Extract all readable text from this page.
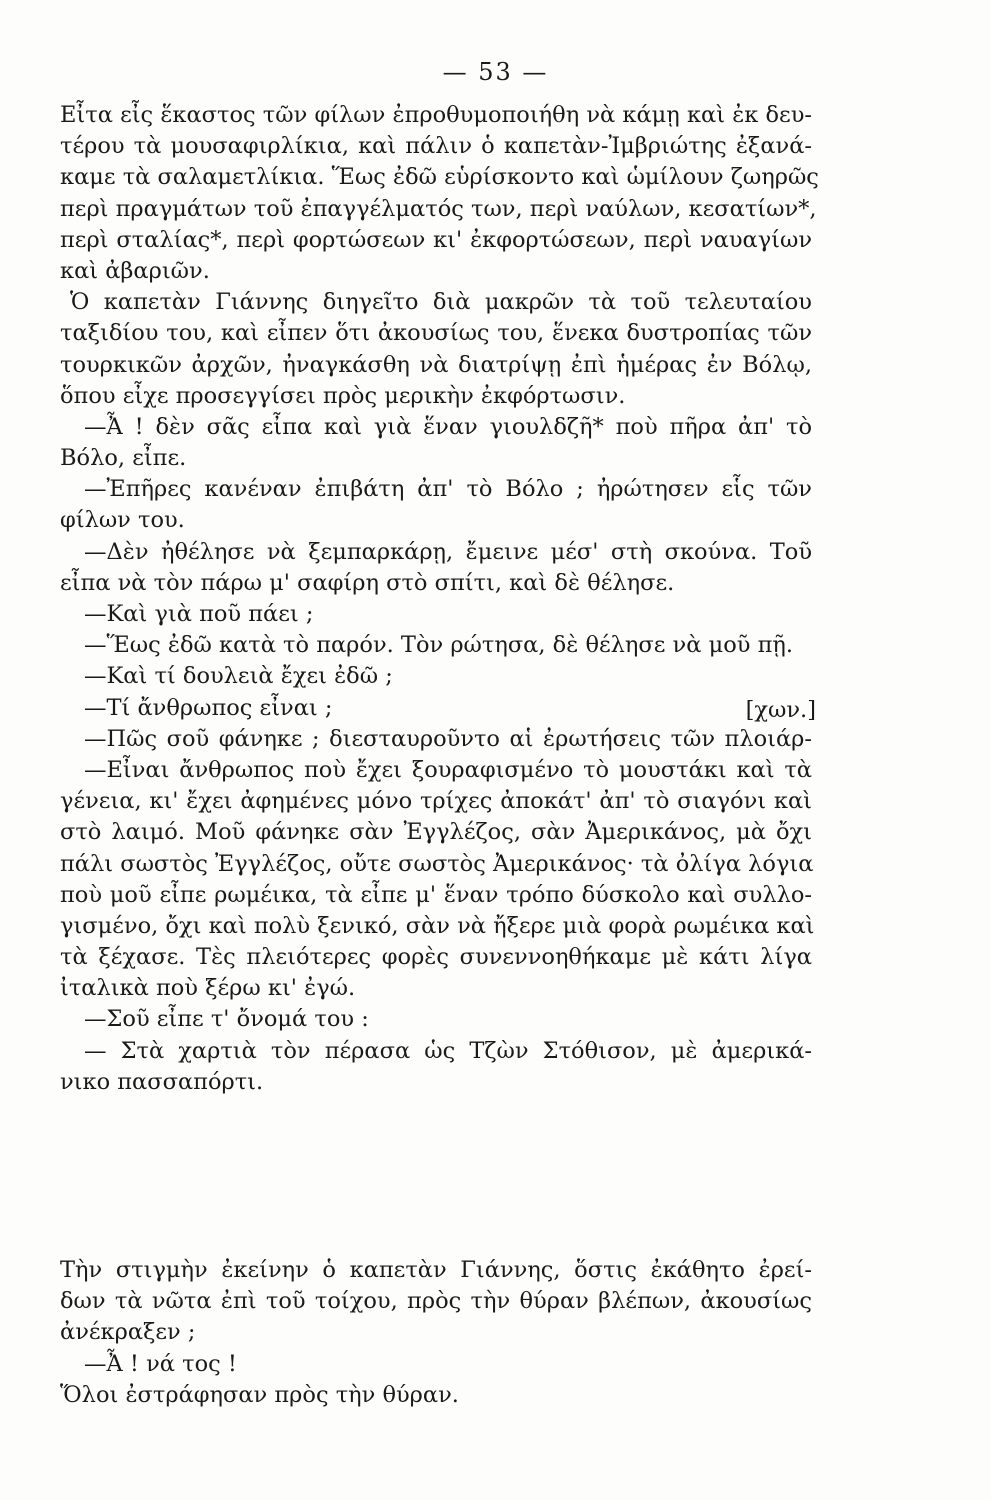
— 53 —
Εἶτα εἶς ἕκαστος τῶν φίλων ἐπροθυμοποιήθη νὰ κάμῃ καὶ ἐκ δευ-
τέρου τὰ μουσαφιρλίκια, καὶ πάλιν ὁ καπετὰν-Ἰμβριώτης ἐξανά-
καμε τὰ σαλαμετλίκια. Ἕως ἐδῶ εὑρίσκοντο καὶ ὡμίλουν ζωηρῶς
περὶ πραγμάτων τοῦ ἐπαγγέλματός των, περὶ ναύλων, κεσατίων*,
περὶ σταλίας*, περὶ φορτώσεων κι' ἐκφορτώσεων, περὶ ναυαγίων
καὶ ἀβαριῶν.
Ὁ καπετὰν Γιάννης διηγεῖτο διὰ μακρῶν τὰ τοῦ τελευταίου
ταξιδίου του, καὶ εἶπεν ὅτι ἀκουσίως του, ἕνεκα δυστροπίας τῶν
τουρκικῶν ἀρχῶν, ἠναγκάσθη νὰ διατρίψῃ ἐπὶ ἡμέρας ἐν Βόλῳ,
ὅπου εἶχε προσεγγίσει πρὸς μερικὴν ἐκφόρτωσιν.
—Ἆ ! δὲν σᾶς εἶπα καὶ γιὰ ἕναν γιουλδζῆ* ποὺ πῆρα ἀπ' τὸ
Βόλο, εἶπε.
—Ἐπῆρες κανέναν ἐπιβάτη ἀπ' τὸ Βόλο ; ἠρώτησεν εἷς τῶν
φίλων του.
—Δὲν ἠθέλησε νὰ ξεμπαρκάρῃ, ἔμεινε μέσ' στὴ σκούνα. Τοῦ
εἶπα νὰ τὸν πάρω μ' σαφίρη στὸ σπίτι, καὶ δὲ θέλησε.
—Καὶ γιὰ ποῦ πάει ;
—Ἕως ἐδῶ κατὰ τὸ παρόν. Τὸν ρώτησα, δὲ θέλησε νὰ μοῦ πῇ.
—Καὶ τί δουλειὰ ἔχει ἐδῶ ;
—Τί ἄνθρωπος εἶναι ;	[χων.]
—Πῶς σοῦ φάνηκε ; διεσταυροῦντο αἱ ἐρωτήσεις τῶν πλοιάρ-
—Εἶναι ἄνθρωπος ποὺ ἔχει ξουραφισμένο τὸ μουστάκι καὶ τὰ
γένεια, κι' ἔχει ἀφημένες μόνο τρίχες ἀποκάτ' ἀπ' τὸ σιαγόνι καὶ
στὸ λαιμό. Μοῦ φάνηκε σὰν Ἐγγλέζος, σὰν Ἀμερικάνος, μὰ ὄχι
πάλι σωστὸς Ἐγγλέζος, οὔτε σωστὸς Ἀμερικάνος· τὰ ὀλίγα λόγια
ποὺ μοῦ εἶπε ρωμέικα, τὰ εἶπε μ' ἕναν τρόπο δύσκολο καὶ συλλο-
γισμένο, ὄχι καὶ πολὺ ξενικό, σὰν νὰ ἤξερε μιὰ φορὰ ρωμέικα καὶ
τὰ ξέχασε. Τὲς πλειότερες φορὲς συνεννοηθήκαμε μὲ κάτι λίγα
ἰταλικὰ ποὺ ξέρω κι' ἐγώ.
—Σοῦ εἶπε τ' ὄνομά του :
— Στὰ χαρτιὰ τὸν πέρασα ὡς Τζὼν Στόθισον, μὲ ἀμερικά-
νικο πασσαπόρτι.
Τὴν στιγμὴν ἐκείνην ὁ καπετὰν Γιάννης, ὅστις ἐκάθητο ἐρεί-
δων τὰ νῶτα ἐπὶ τοῦ τοίχου, πρὸς τὴν θύραν βλέπων, ἀκουσίως
ἀνέκραξεν ;
—Ἆ ! νά τος !
Ὅλοι ἐστράφησαν πρὸς τὴν θύραν.
